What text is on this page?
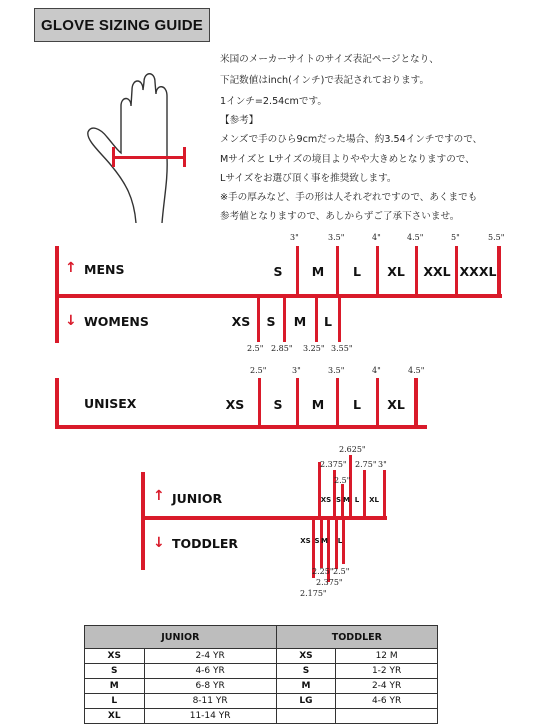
GLOVE SIZING GUIDE
米国のメーカーサイトのサイズ表記ページとなり、
下記数値はinch(インチ)で表記されております。
1インチ=2.54cmです。
【参考】
メンズで手のひら9cmだった場合、約3.54インチですので、
Mサイズと Lサイズの境目よりやや大きめとなりますので、
Lサイズをお選び頂く事を推奨致します。
※手の厚みなど、手の形は人それぞれですので、あくまでも
参考値となりますので、あしからずご了承下さいませ。
↑ MENS
↓ WOMENS
S	M	L	XL	XXL XXXL
3"	3.5"	4"	4.5"	5"	5.5"
XS	S	M	L
2.5" 2.85" 3.25" 3.55"
UNISEX	XS	S	M	L	XL
2.5"	3"	3.5"	4"	4.5"
↑ JUNIOR
↓ TODDLER
XS S M L	XL
2.625"
2.375" 2.75" 3"
2.5"
XS S M L
2.25" 2.5"
2.375"
2.175"
JUNIOR		TODDLER	
XS	2-4 YR	XS	12 M
S	4-6 YR	S	1-2 YR
M	6-8 YR	M	2-4 YR
L	8-11 YR	LG	4-6 YR
XL	11-14 YR		
